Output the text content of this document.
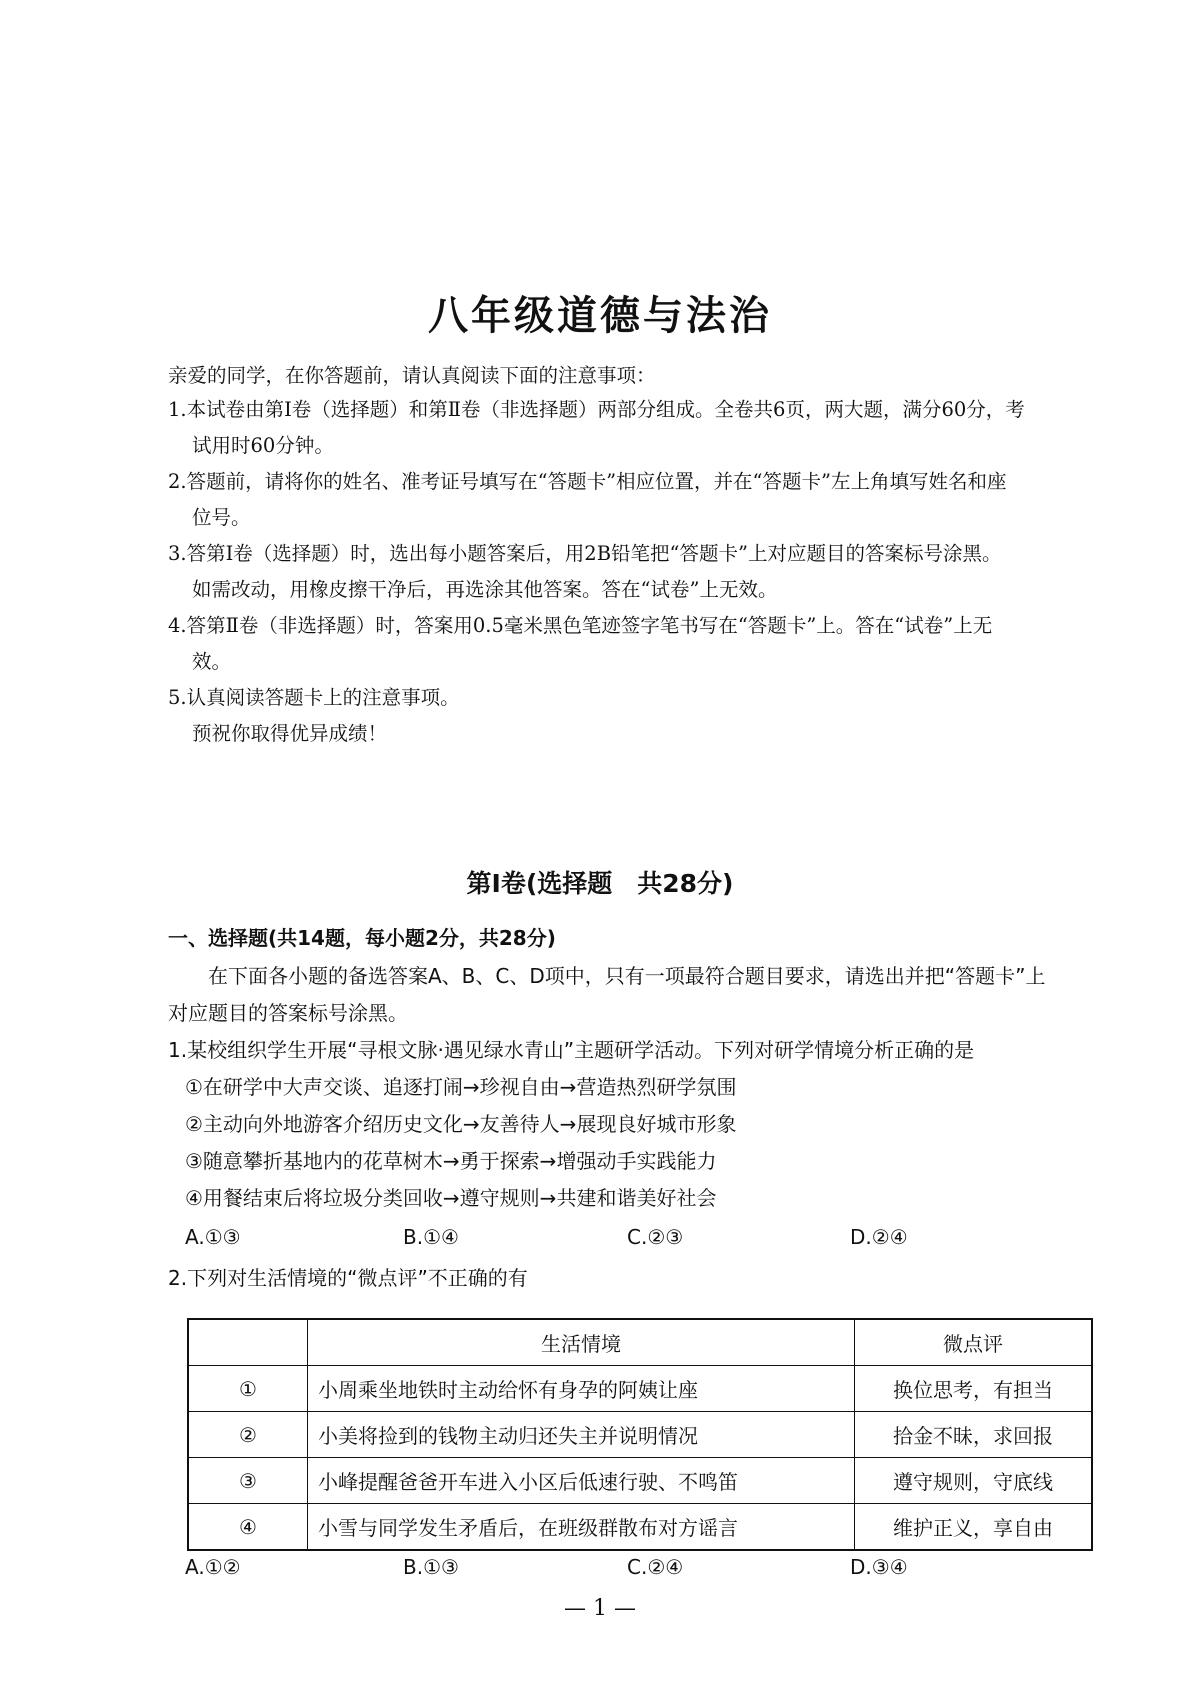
八年级道德与法治
亲爱的同学，在你答题前，请认真阅读下面的注意事项：
1.本试卷由第Ⅰ卷（选择题）和第Ⅱ卷（非选择题）两部分组成。全卷共6页，两大题，满分60分，考
试用时60分钟。
2.答题前，请将你的姓名、准考证号填写在“答题卡”相应位置，并在“答题卡”左上角填写姓名和座
位号。
3.答第Ⅰ卷（选择题）时，选出每小题答案后，用2B铅笔把“答题卡”上对应题目的答案标号涂黑。
如需改动，用橡皮擦干净后，再选涂其他答案。答在“试卷”上无效。
4.答第Ⅱ卷（非选择题）时，答案用0.5毫米黑色笔迹签字笔书写在“答题卡”上。答在“试卷”上无
效。
5.认真阅读答题卡上的注意事项。
预祝你取得优异成绩！
第Ⅰ卷(选择题　共28分)
一、选择题(共14题，每小题2分，共28分)
在下面各小题的备选答案A、B、C、D项中，只有一项最符合题目要求，请选出并把“答题卡”上
对应题目的答案标号涂黑。
1.某校组织学生开展“寻根文脉·遇见绿水青山”主题研学活动。下列对研学情境分析正确的是
①在研学中大声交谈、追逐打闹→珍视自由→营造热烈研学氛围
②主动向外地游客介绍历史文化→友善待人→展现良好城市形象
③随意攀折基地内的花草树木→勇于探索→增强动手实践能力
④用餐结束后将垃圾分类回收→遵守规则→共建和谐美好社会
A.①③	B.①④	C.②③	D.②④
2.下列对生活情境的“微点评”不正确的有
	生活情境	微点评
①	小周乘坐地铁时主动给怀有身孕的阿姨让座	换位思考，有担当
②	小美将捡到的钱物主动归还失主并说明情况	拾金不昧，求回报
③	小峰提醒爸爸开车进入小区后低速行驶、不鸣笛	遵守规则，守底线
④	小雪与同学发生矛盾后，在班级群散布对方谣言	维护正义，享自由
A.①②	B.①③	C.②④	D.③④
— 1 —
